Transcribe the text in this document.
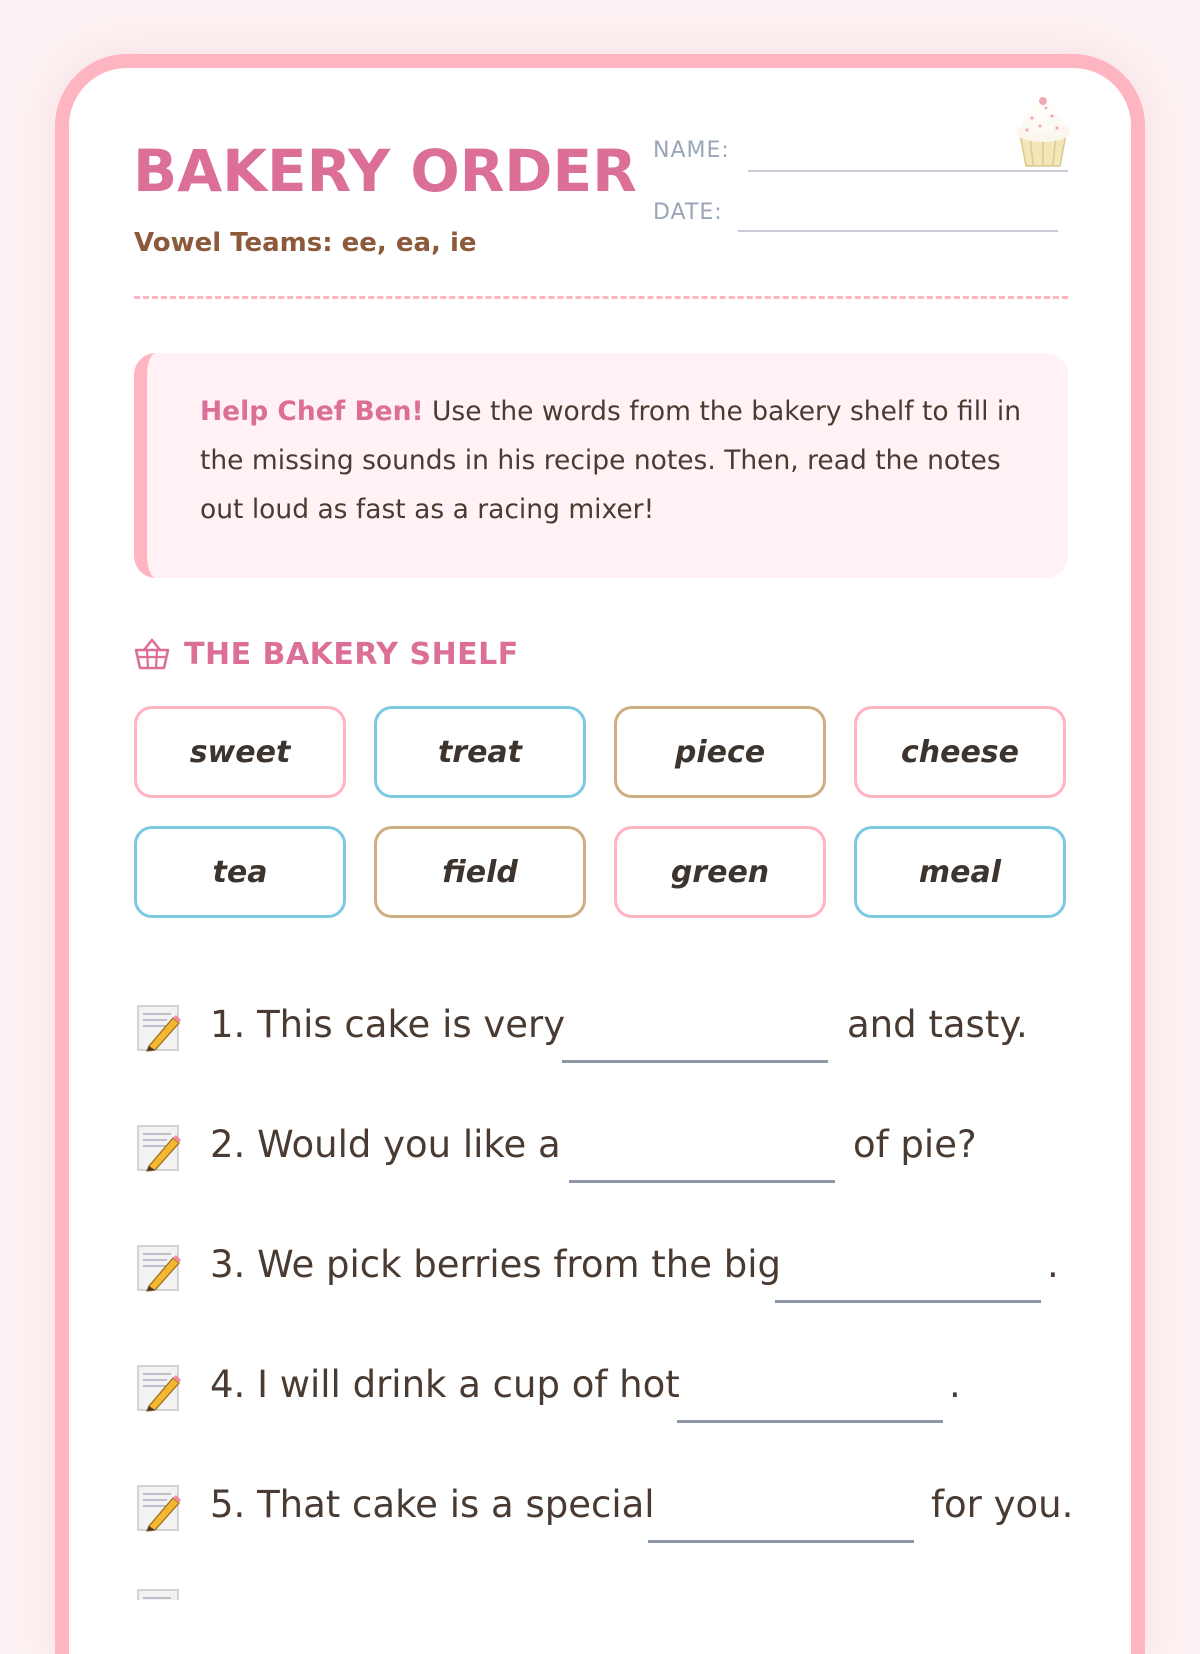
BAKERY ORDER
Vowel Teams: ee, ea, ie
NAME:
DATE:
Help Chef Ben! Use the words from the bakery shelf to fill in the missing sounds in his recipe notes. Then, read the notes out loud as fast as a racing mixer!
THE BAKERY SHELF
sweet	treat	piece	cheese
tea	field	green	meal
1. This cake is very	and tasty.
2. Would you like a	of pie?
3. We pick berries from the big	.
4. I will drink a cup of hot	.
5. That cake is a special	for you.
